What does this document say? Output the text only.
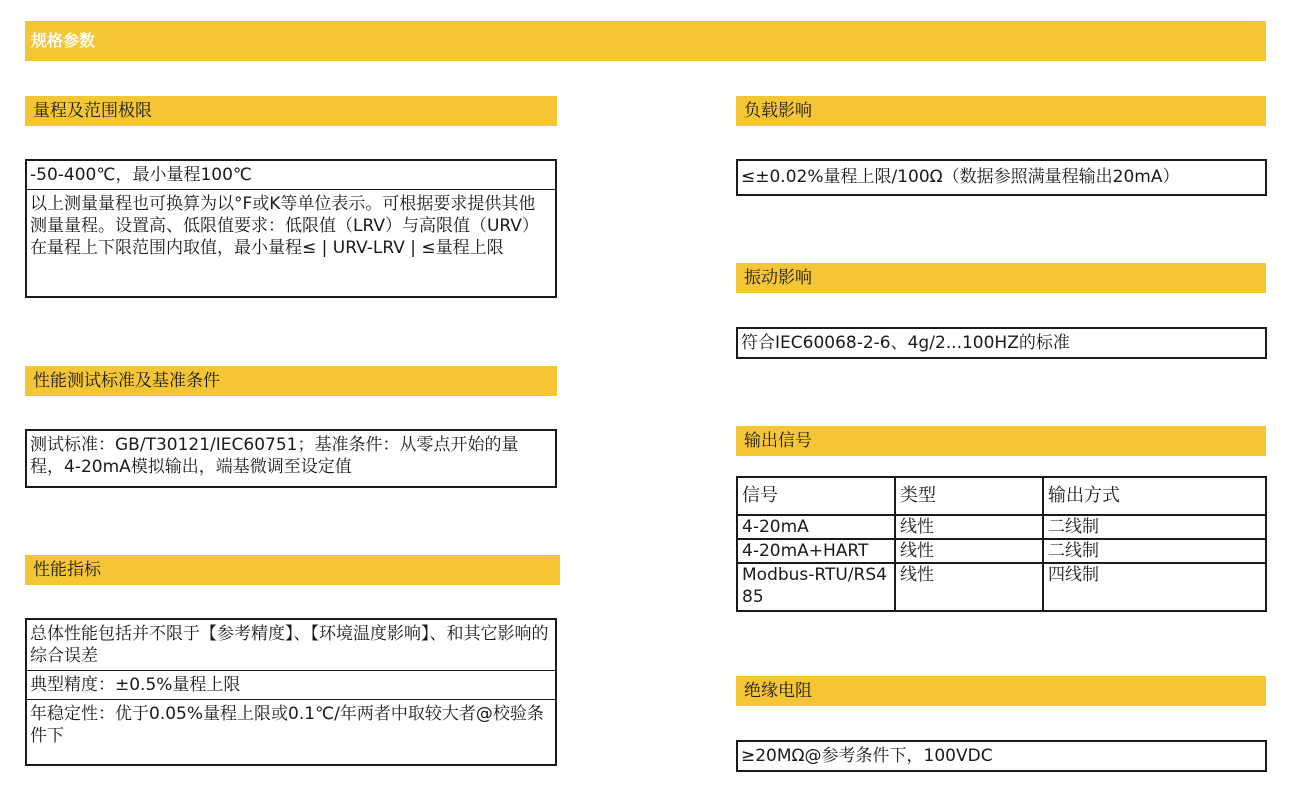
规格参数
量程及范围极限
-50-400℃，最小量程100℃
以上测量量程也可换算为以°F或K等单位表示。可根据要求提供其他测量量程。设置高、低限值要求：低限值（LRV）与高限值（URV）在量程上下限范围内取值，最小量程≤ | URV-LRV | ≤量程上限
性能测试标准及基准条件
测试标准：GB/T30121/IEC60751；基准条件：从零点开始的量程，4-20mA模拟输出，端基微调至设定值
性能指标
总体性能包括并不限于【参考精度】、【环境温度影响】、和其它影响的综合误差
典型精度：±0.5%量程上限
年稳定性：优于0.05%量程上限或0.1℃/年两者中取较大者@校验条件下
负载影响
≤±0.02%量程上限/100Ω（数据参照满量程输出20mA）
振动影响
符合IEC60068-2-6、4g/2...100HZ的标准
输出信号
信号	类型	输出方式
4-20mA	线性	二线制
4-20mA+HART	线性	二线制
Modbus-RTU/RS485	线性	四线制
绝缘电阻
≥20MΩ@参考条件下，100VDC
